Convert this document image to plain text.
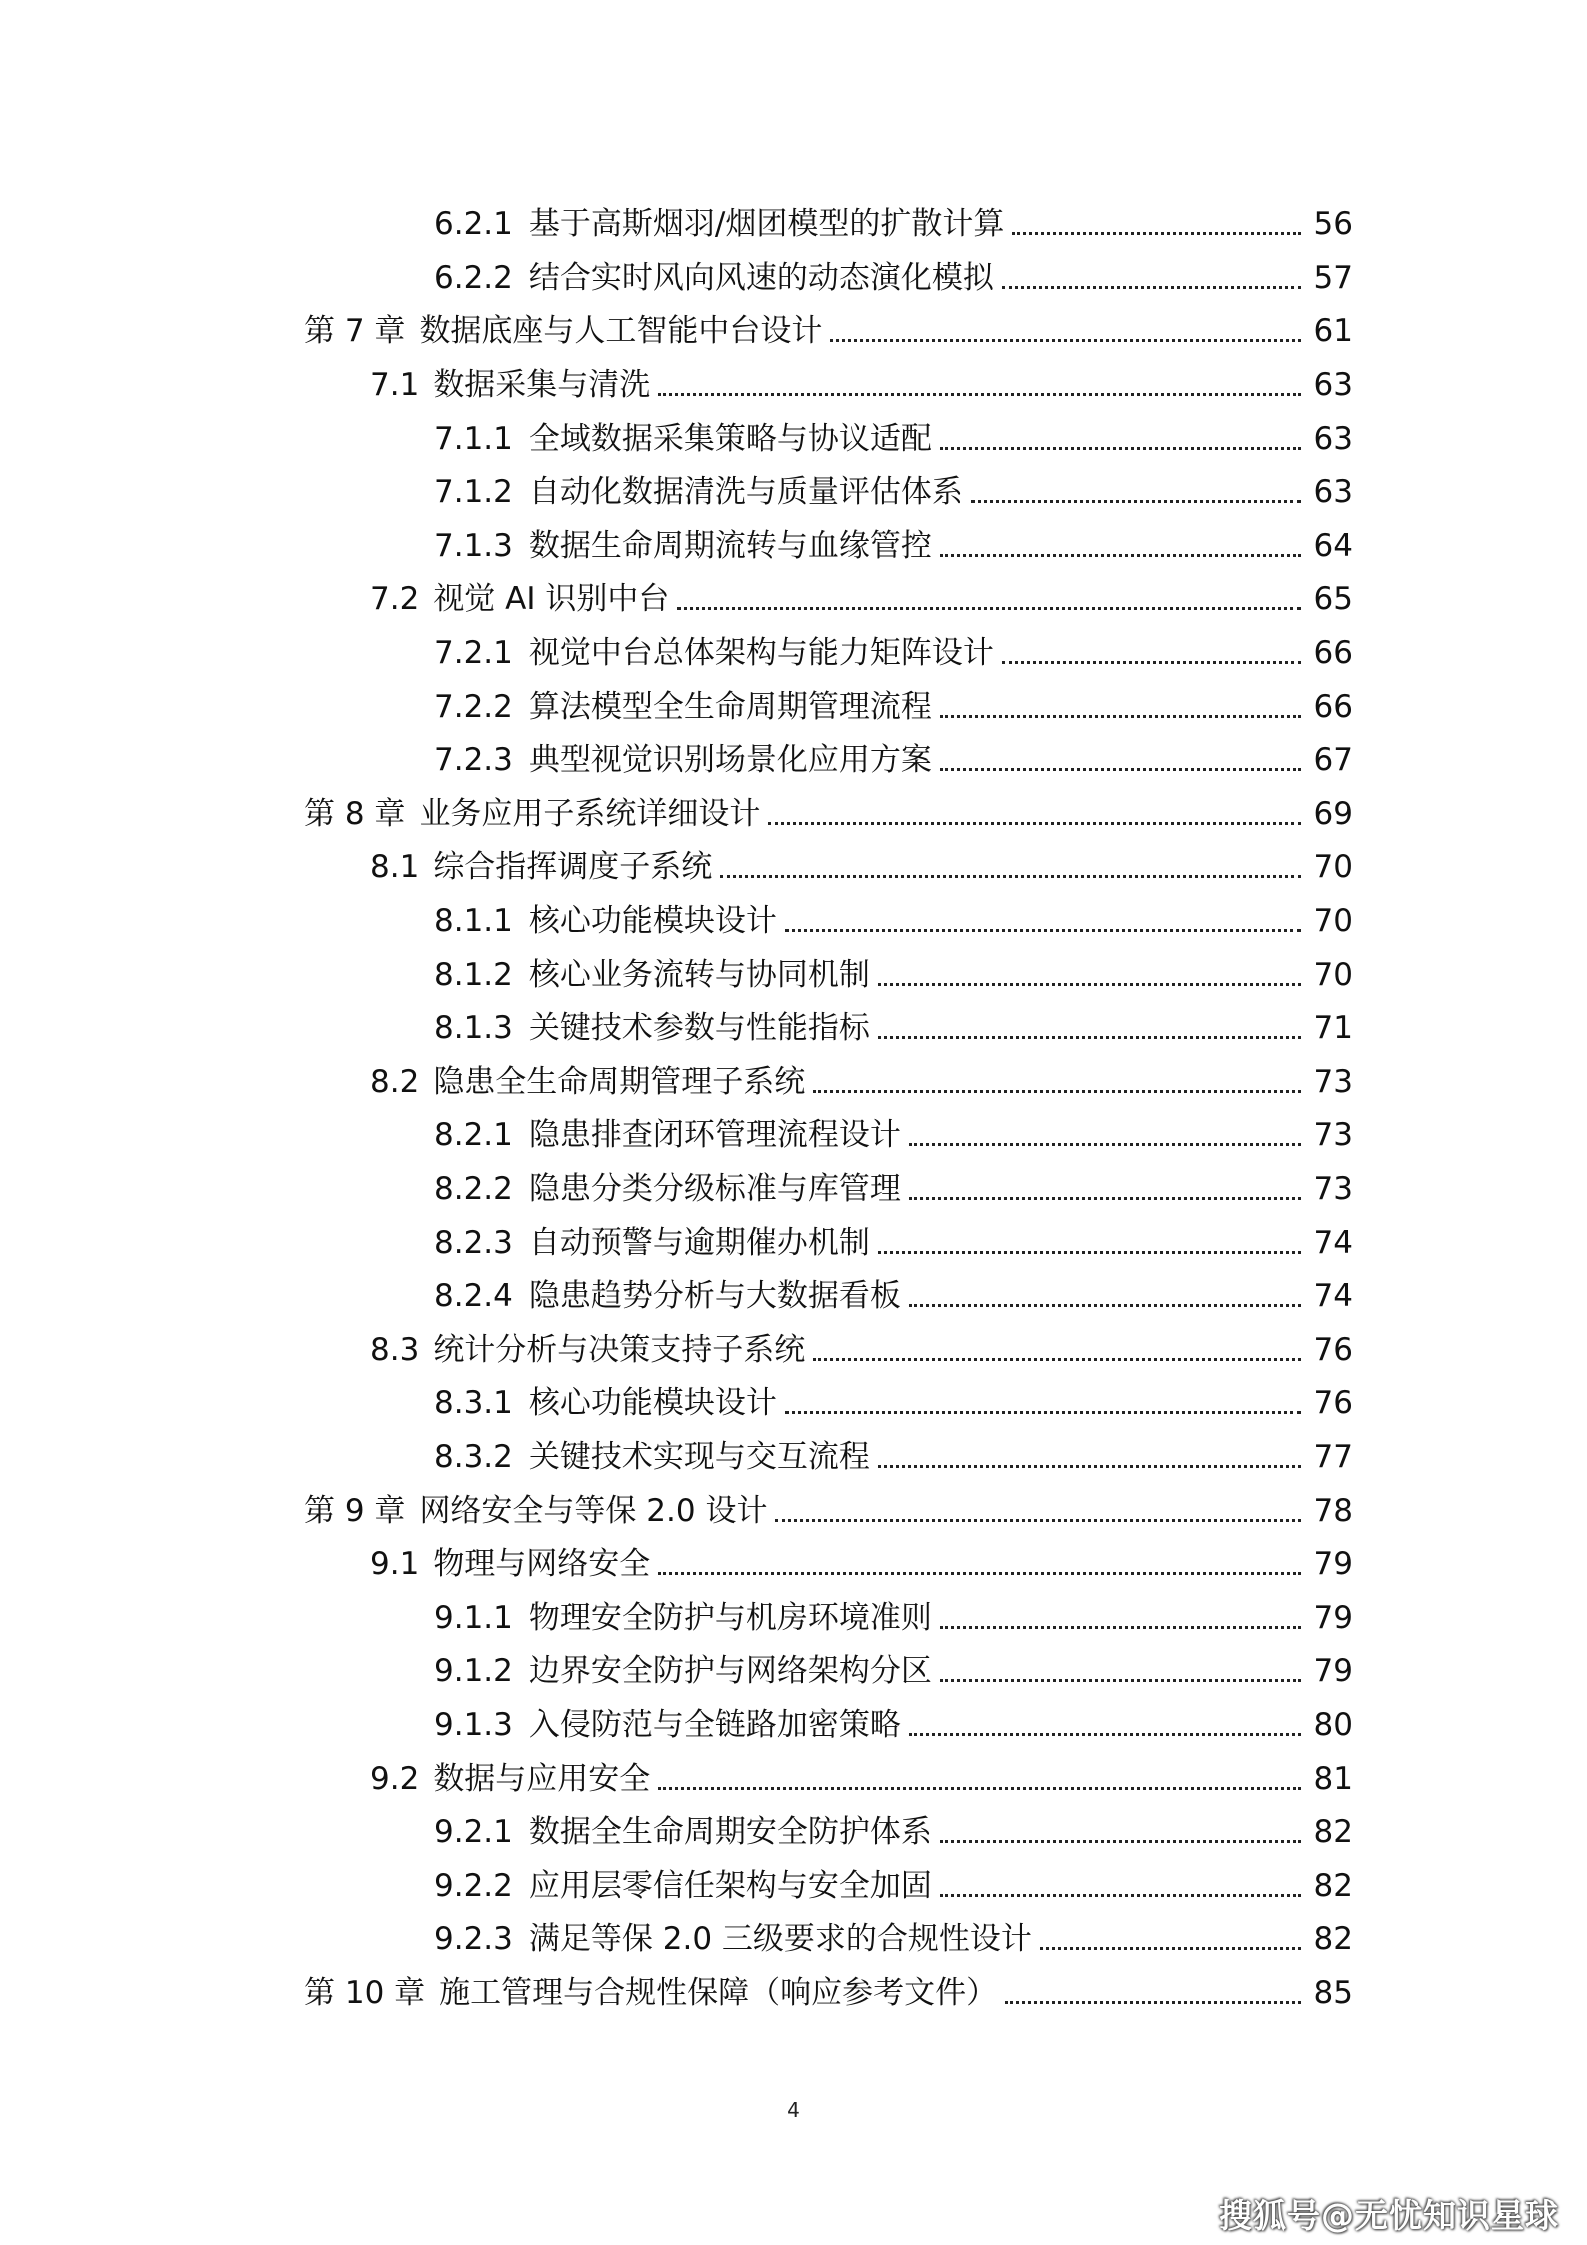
6.2.1 基于高斯烟羽/烟团模型的扩散计算	56
6.2.2 结合实时风向风速的动态演化模拟	57
第 7 章 数据底座与人工智能中台设计	61
7.1 数据采集与清洗	63
7.1.1 全域数据采集策略与协议适配	63
7.1.2 自动化数据清洗与质量评估体系	63
7.1.3 数据生命周期流转与血缘管控	64
7.2 视觉 AI 识别中台	65
7.2.1 视觉中台总体架构与能力矩阵设计	66
7.2.2 算法模型全生命周期管理流程	66
7.2.3 典型视觉识别场景化应用方案	67
第 8 章 业务应用子系统详细设计	69
8.1 综合指挥调度子系统	70
8.1.1 核心功能模块设计	70
8.1.2 核心业务流转与协同机制	70
8.1.3 关键技术参数与性能指标	71
8.2 隐患全生命周期管理子系统	73
8.2.1 隐患排查闭环管理流程设计	73
8.2.2 隐患分类分级标准与库管理	73
8.2.3 自动预警与逾期催办机制	74
8.2.4 隐患趋势分析与大数据看板	74
8.3 统计分析与决策支持子系统	76
8.3.1 核心功能模块设计	76
8.3.2 关键技术实现与交互流程	77
第 9 章 网络安全与等保 2.0 设计	78
9.1 物理与网络安全	79
9.1.1 物理安全防护与机房环境准则	79
9.1.2 边界安全防护与网络架构分区	79
9.1.3 入侵防范与全链路加密策略	80
9.2 数据与应用安全	81
9.2.1 数据全生命周期安全防护体系	82
9.2.2 应用层零信任架构与安全加固	82
9.2.3 满足等保 2.0 三级要求的合规性设计	82
第 10 章 施工管理与合规性保障（响应参考文件）	85
4
搜狐号@无忧知识星球
